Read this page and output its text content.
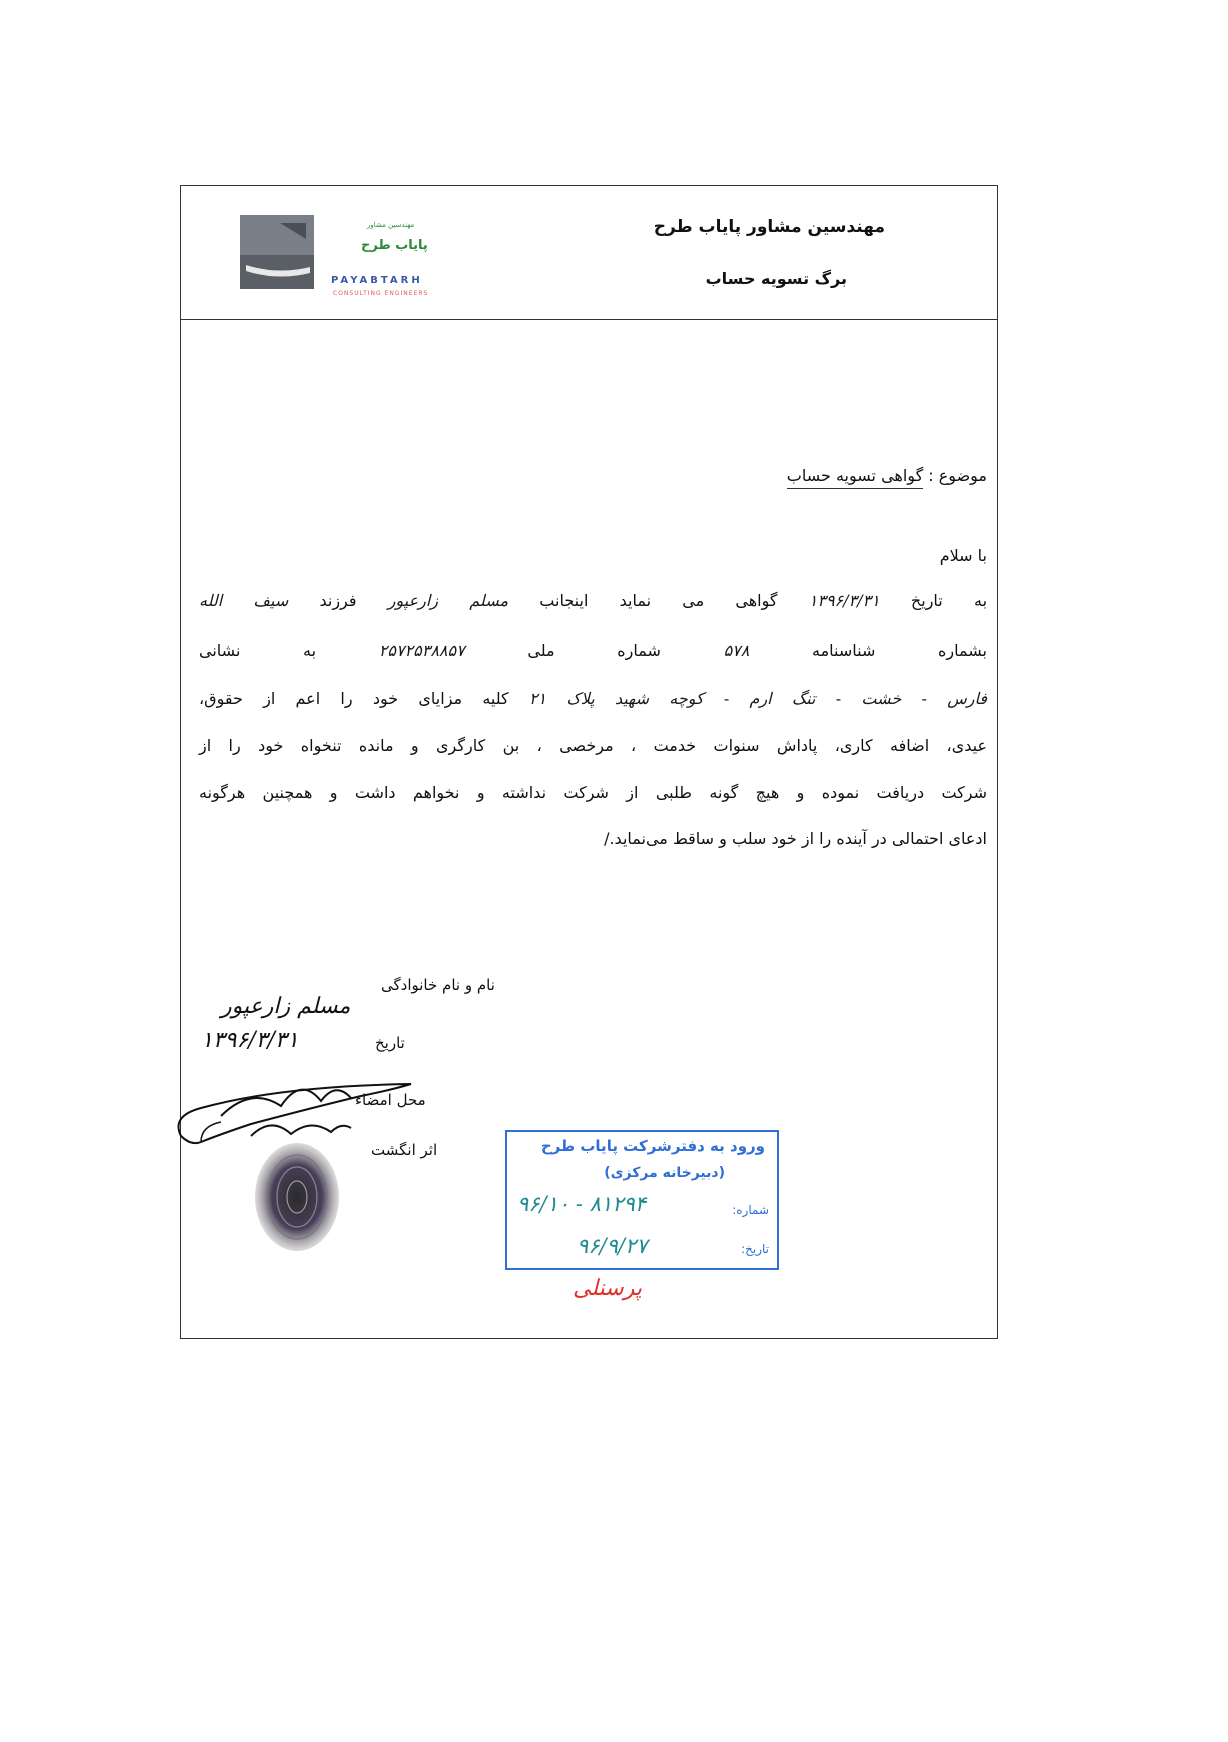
مهندسین مشاور پایاب طرح
برگ تسویه حساب
مهندسین مشاور
پایاب طرح
PAYABTARH
CONSULTING ENGINEERS
موضوع : گواهی تسویه حساب
با سلام
به تاریخ ۱۳۹۶/۳/۳۱ گواهی می نماید اینجانب مسلم زارعپور فرزند سیف الله
بشماره شناسنامه ۵۷۸ شماره ملی ۲۵۷۲۵۳۸۸۵۷ به نشانی
فارس - خشت - تنگ ارم - کوچه شهید پلاک ۲۱ کلیه مزایای خود را اعم از حقوق،
عیدی، اضافه کاری، پاداش سنوات خدمت ، مرخصی ، بن کارگری و مانده تنخواه خود را از
شرکت دریافت نموده و هیچ گونه طلبی از شرکت نداشته و نخواهم داشت و همچنین هرگونه
ادعای احتمالی در آینده را از خود سلب و ساقط می‌نماید./
نام و نام خانوادگی
مسلم زارعپور
تاریخ
۱۳۹۶/۳/۳۱
محل امضاء
اثر انگشت	ورود به دفترشرکت پایاب طرح
(دبیرخانه مرکزی)
شماره:
۸۱۲۹۴ - ۹۶/۱۰
تاریخ:
۹۶/۹/۲۷
پرسنلی
